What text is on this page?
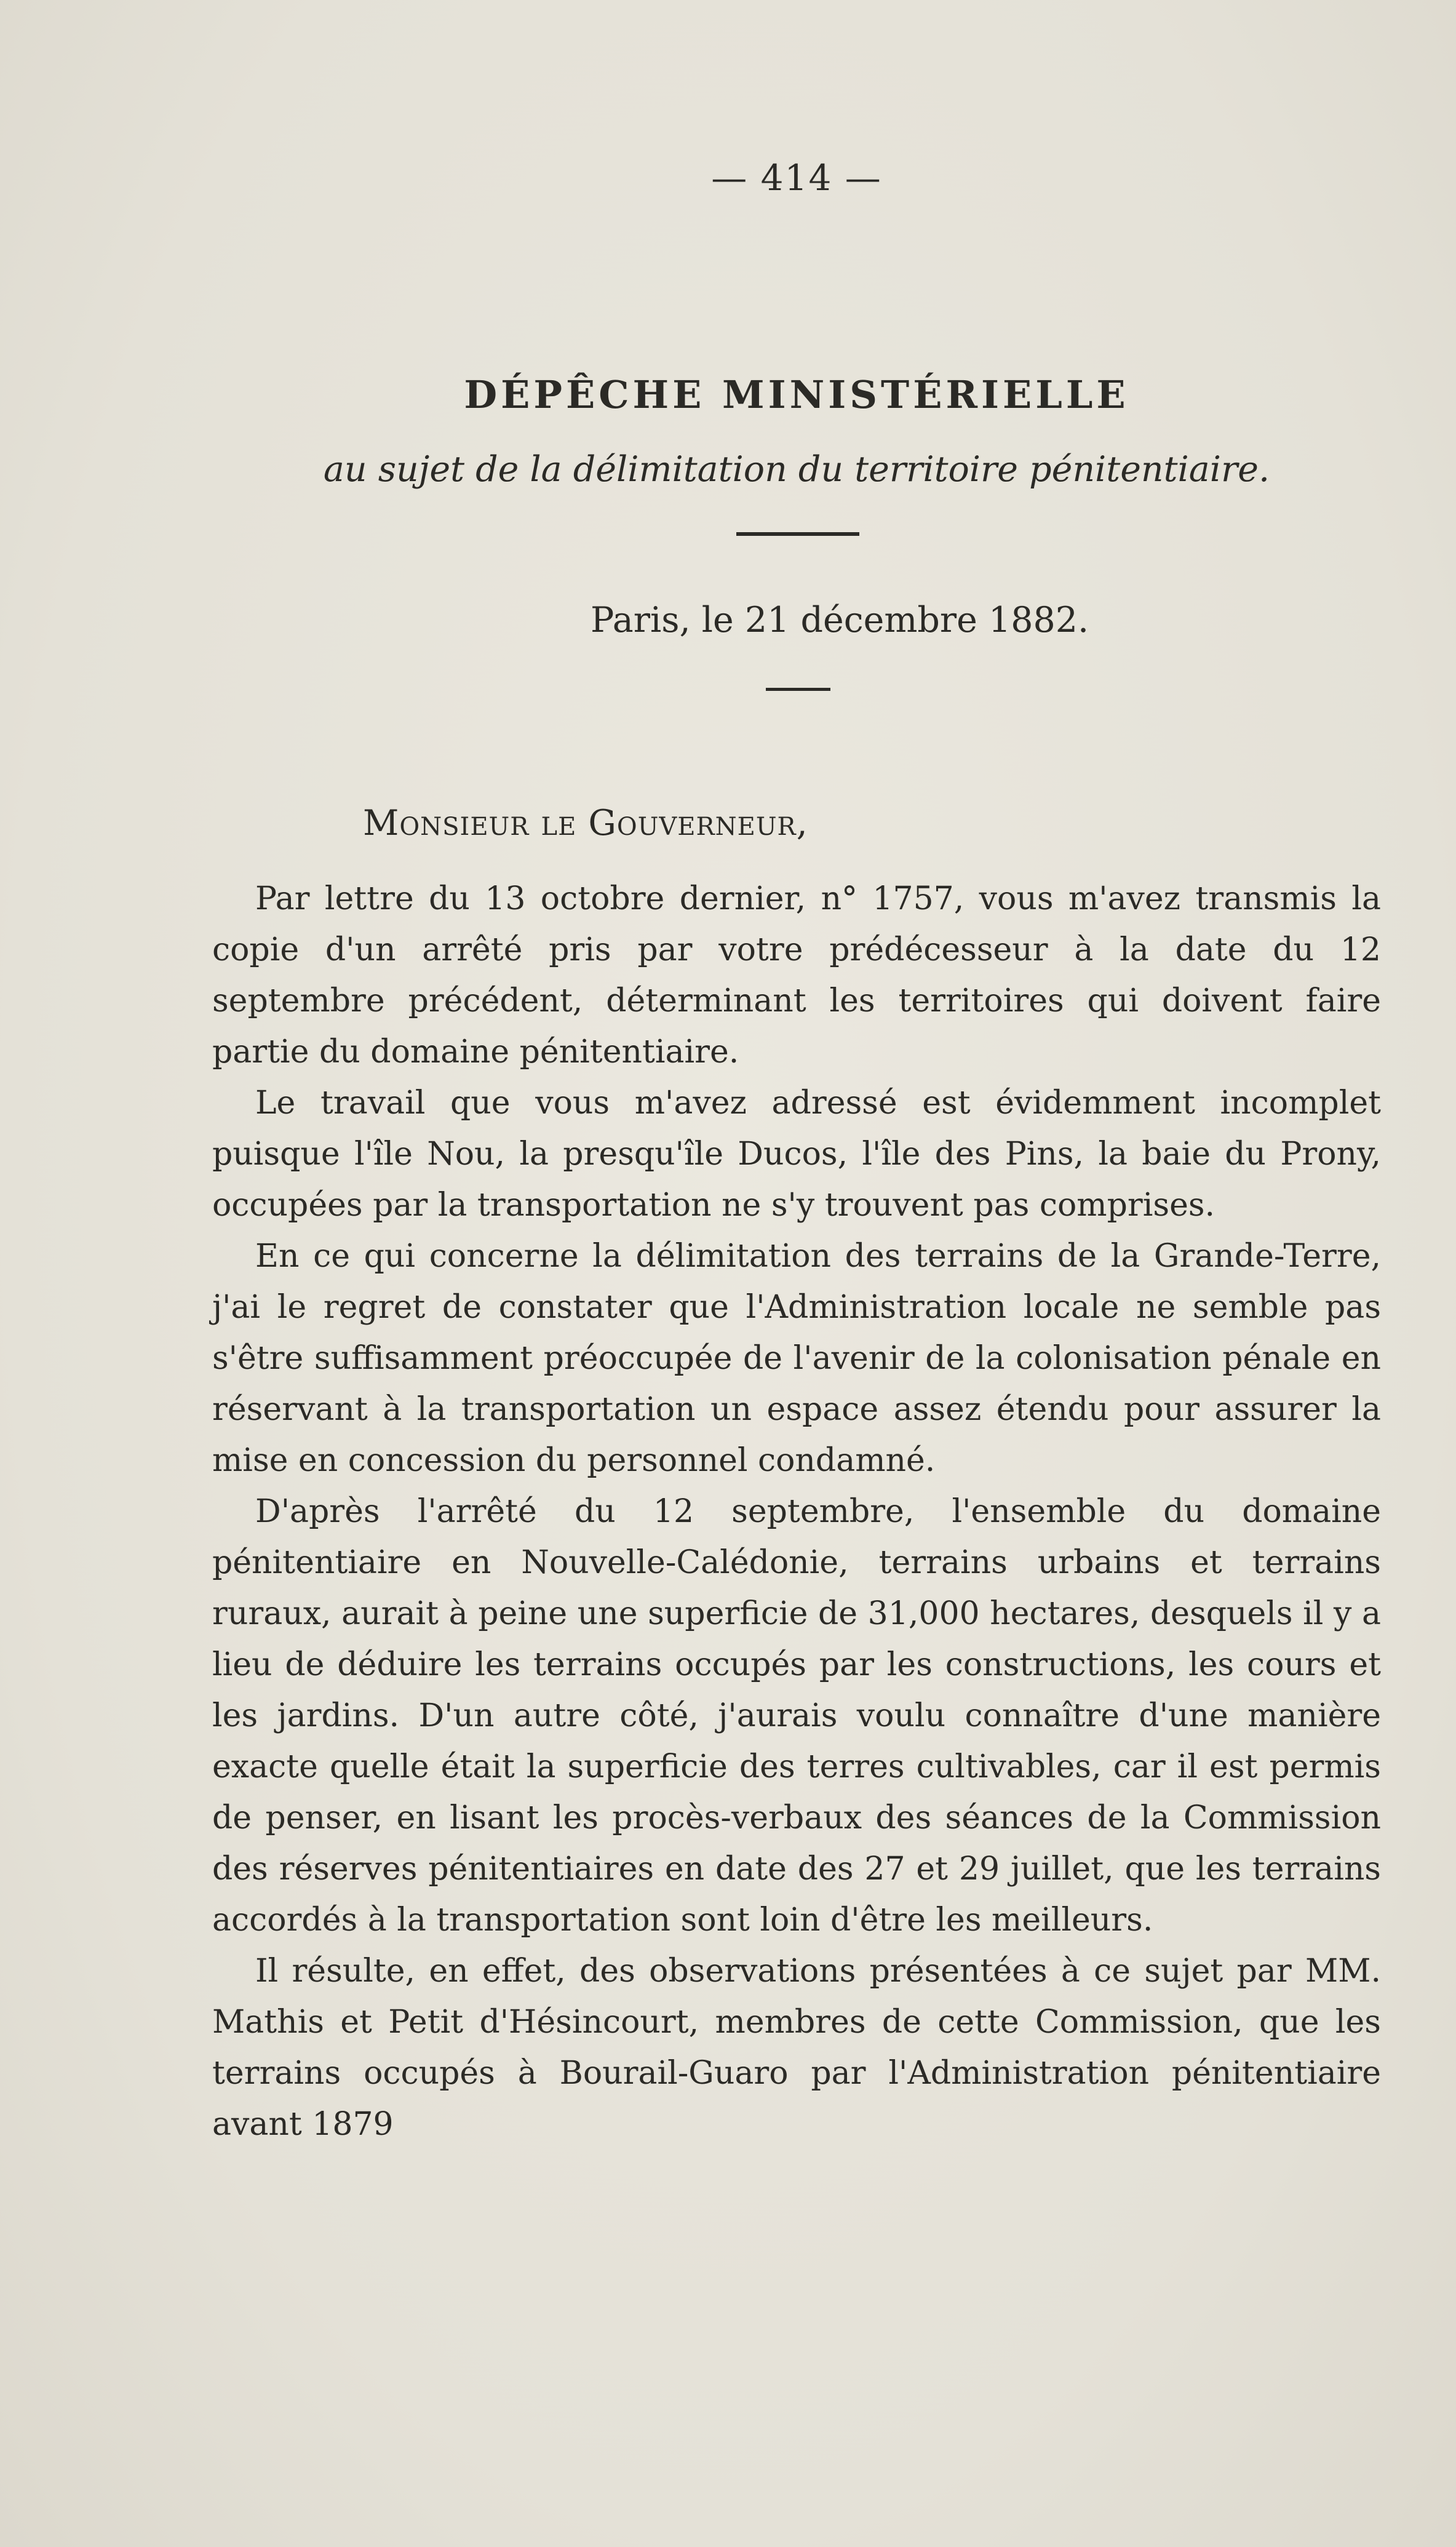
— 414 —
DÉPÊCHE MINISTÉRIELLE
au sujet de la délimitation du territoire pénitentiaire.
Paris, le 21 décembre 1882.
Monsieur le Gouverneur,

Par lettre du 13 octobre dernier, n° 1757, vous m'avez transmis la copie d'un arrêté pris par votre prédécesseur à la date du 12 septembre précédent, déterminant les territoires qui doivent faire partie du domaine pénitentiaire.

Le travail que vous m'avez adressé est évidemment incomplet puisque l'île Nou, la presqu'île Ducos, l'île des Pins, la baie du Prony, occupées par la transportation ne s'y trouvent pas comprises.

En ce qui concerne la délimitation des terrains de la Grande-Terre, j'ai le regret de constater que l'Administration locale ne semble pas s'être suffisamment préoccupée de l'avenir de la colonisation pénale en réservant à la transportation un espace assez étendu pour assurer la mise en concession du personnel condamné.

D'après l'arrêté du 12 septembre, l'ensemble du domaine pénitentiaire en Nouvelle-Calédonie, terrains urbains et terrains ruraux, aurait à peine une superficie de 31,000 hectares, desquels il y a lieu de déduire les terrains occupés par les constructions, les cours et les jardins. D'un autre côté, j'aurais voulu connaître d'une manière exacte quelle était la superficie des terres cultivables, car il est permis de penser, en lisant les procès-verbaux des séances de la Commission des réserves pénitentiaires en date des 27 et 29 juillet, que les terrains accordés à la transportation sont loin d'être les meilleurs.

Il résulte, en effet, des observations présentées à ce sujet par MM. Mathis et Petit d'Hésincourt, membres de cette Commission, que les terrains occupés à Bourail-Guaro par l'Administration pénitentiaire avant 1879
